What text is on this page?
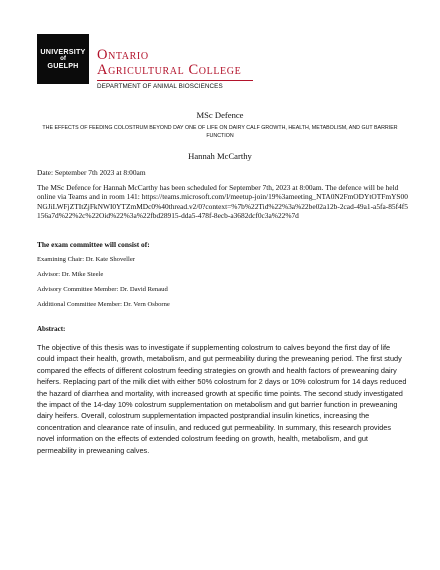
UNIVERSITY
of
GUELPH
Ontario
Agricultural College
DEPARTMENT OF ANIMAL BIOSCIENCES
MSc Defence
THE EFFECTS OF FEEDING COLOSTRUM BEYOND DAY ONE OF LIFE ON DAIRY CALF GROWTH, HEALTH, METABOLISM, AND GUT BARRIER FUNCTION
Hannah McCarthy
Date: September 7th 2023 at 8:00am
The MSc Defence for Hannah McCarthy has been scheduled for September 7th, 2023 at 8:00am. The defence will be held online via Teams and in room 141: https://teams.microsoft.com/l/meetup-join/19%3ameeting_NTA0N2FmODYtOTFmYS00NGJiLWFjZTItZjFkNWI0YTZmMDc0%40thread.v2/0?context=%7b%22Tid%22%3a%22be02a12b-2cad-49a1-a5fa-85f4f5156a7d%22%2c%22Oid%22%3a%22fbd28915-dda5-478f-8ecb-a3682dcf0c3a%22%7d
The exam committee will consist of:
Examining Chair: Dr. Kate Shoveller
Advisor: Dr. Mike Steele
Advisory Committee Member: Dr. David Renaud
Additional Committee Member: Dr. Vern Osborne
Abstract:
The objective of this thesis was to investigate if supplementing colostrum to calves beyond the first day of life could impact their health, growth, metabolism, and gut permeability during the preweaning period. The first study compared the effects of different colostrum feeding strategies on growth and health factors of preweaning dairy heifers. Replacing part of the milk diet with either 50% colostrum for 2 days or 10% colostrum for 14 days reduced the hazard of diarrhea and mortality, with increased growth at specific time points. The second study investigated the impact of the 14-day 10% colostrum supplementation on metabolism and gut barrier function in preweaning dairy heifers. Overall, colostrum supplementation impacted postprandial insulin kinetics, increasing the concentration and clearance rate of insulin, and reduced gut permeability. In summary, this research provides novel information on the effects of extended colostrum feeding on growth, health, metabolism, and gut permeability in preweaning calves.
